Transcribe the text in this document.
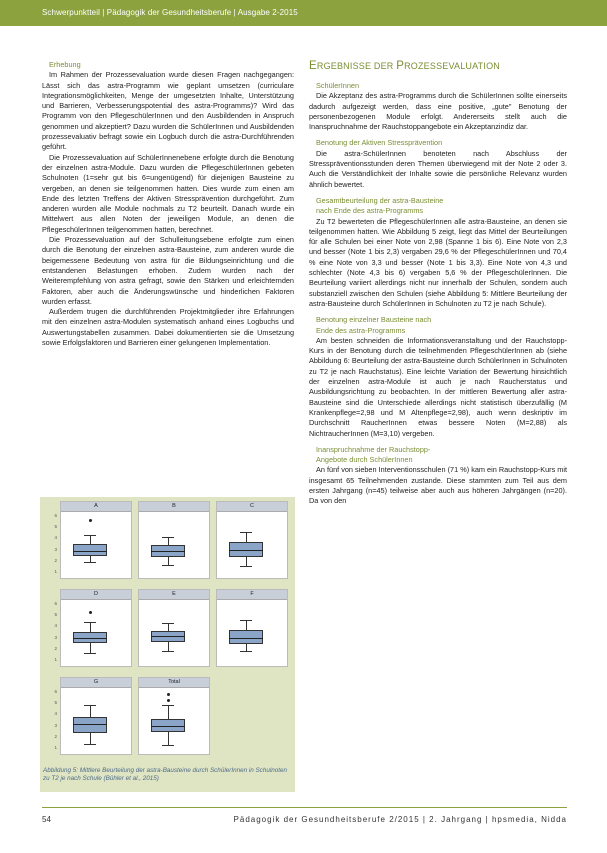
Schwerpunktteil | Pädagogik der Gesundheitsberufe | Ausgabe 2-2015

Erhebung

Im Rahmen der Prozessevaluation wurde diesen Fragen nachgegangen: Lässt sich das astra-Programm wie geplant umsetzen (curriculare Integrationsmöglichkeiten, Menge der umgesetzten Inhalte, Unterstützung und Barrieren, Verbesserungspotential des astra-Programms)? Wird das Programm von den PflegeschülerInnen und den Ausbildenden in Anspruch genommen und akzeptiert? Dazu wurden die SchülerInnen und Ausbildenden prozessevaluativ befragt sowie ein Logbuch durch die astra-Durchführenden geführt.

Die Prozessevaluation auf SchülerInnenebene erfolgte durch die Benotung der einzelnen astra-Module. Dazu wurden die PflegeschülerInnen gebeten Schulnoten (1=sehr gut bis 6=ungenügend) für diejenigen Bausteine zu vergeben, an denen sie teilgenommen hatten. Dies wurde zum einen am Ende des letzten Treffens der Aktiven Stressprävention durchgeführt. Zum anderen wurden alle Module nochmals zu T2 beurteilt. Danach wurde ein Mittelwert aus allen Noten der jeweiligen Module, an denen die PflegeschülerInnen teilgenommen hatten, berechnet.

Die Prozessevaluation auf der Schulleitungsebene erfolgte zum einen durch die Benotung der einzelnen astra-Bausteine, zum anderen wurde die beigemessene Bedeutung von astra für die Bildungseinrichtung und die entstandenen Belastungen erhoben. Zudem wurden nach der Weiterempfehlung von astra gefragt, sowie den Stärken und erleichternden Faktoren, aber auch die Änderungswünsche und hinderlichen Faktoren wurden erfasst.

Außerdem trugen die durchführenden Projektmitglieder ihre Erfahrungen mit den einzelnen astra-Modulen systematisch anhand eines Logbuchs und Auswertungstabellen zusammen. Dabei dokumentierten sie die Umsetzung sowie Erfolgsfaktoren und Barrieren einer gelungenen Implementation.

ERGEBNISSE DER PROZESSEVALUATION

SchülerInnen

Die Akzeptanz des astra-Programms durch die SchülerInnen sollte einerseits dadurch aufgezeigt werden, dass eine positive, „gute" Benotung der personenbezogenen Module erfolgt. Andererseits stellt auch die Inanspruchnahme der Rauchstoppangebote ein Akzeptanzindiz dar.

Benotung der Aktiven Stressprävention

Die astra-SchülerInnen benoteten nach Abschluss der Stresspräventionsstunden deren Themen überwiegend mit der Note 2 oder 3. Auch die Verständlichkeit der Inhalte sowie die persönliche Relevanz wurden ähnlich bewertet.

Gesamtbeurteilung der astra-Bausteine

nach Ende des astra-Programms

Zu T2 bewerteten die PflegeschülerInnen alle astra-Bausteine, an denen sie teilgenommen hatten. Wie Abbildung 5 zeigt, liegt das Mittel der Beurteilungen für alle Schulen bei einer Note von 2,98 (Spanne 1 bis 6). Eine Note von 2,3 und besser (Note 1 bis 2,3) vergaben 29,6 % der PflegeschülerInnen und 70,4 % eine Note von 3,3 und besser (Note 1 bis 3,3). Eine Note von 4,3 und schlechter (Note 4,3 bis 6) vergaben 5,6 % der PflegeschülerInnen. Die Beurteilung variiert allerdings nicht nur innerhalb der Schulen, sondern auch substanziell zwischen den Schulen (siehe Abbildung 5: Mittlere Beurteilung der astra-Bausteine durch SchülerInnen in Schulnoten zu T2 je nach Schule).

Benotung einzelner Bausteine nach

Ende des astra-Programms

Am besten schneiden die Informationsveranstaltung und der Rauchstopp-Kurs in der Benotung durch die teilnehmenden PflegeschülerInnen ab (siehe Abbildung 6: Beurteilung der astra-Bausteine durch SchülerInnen in Schulnoten zu T2 je nach Rauchstatus). Eine leichte Variation der Bewertung hinsichtlich der einzelnen astra-Module ist auch je nach Raucherstatus und Ausbildungsrichtung zu beobachten. In der mittleren Bewertung aller astra-Bausteine sind die Unterschiede allerdings nicht statistisch überzufällig (M Krankenpflege=2,98 und M Altenpflege=2,98), auch wenn deskriptiv im Durchschnitt RaucherInnen etwas bessere Noten (M=2,88) als NichtraucherInnen (M=3,10) vergeben.

Inanspruchnahme der Rauchstopp-

Angebote durch SchülerInnen

An fünf von sieben Interventionsschulen (71 %) kam ein Rauchstopp-Kurs mit insgesamt 65 Teilnehmenden zustande. Diese stammten zum Teil aus dem ersten Jahrgang (n=45) teilweise aber auch aus höheren Jahrgängen (n=20). Da von den

A
6
5
4
3
2
1
B	C
D
6
5
4
3
2
1
E	F
G
6
5
4
3
2
1
Total
Abbildung 5: Mittlere Beurteilung der astra-Bausteine durch SchülerInnen in Schulnoten zu T2 je nach Schule (Bühler et al., 2015)
54	Pädagogik der Gesundheitsberufe 2/2015 | 2. Jahrgang | hpsmedia, Nidda
